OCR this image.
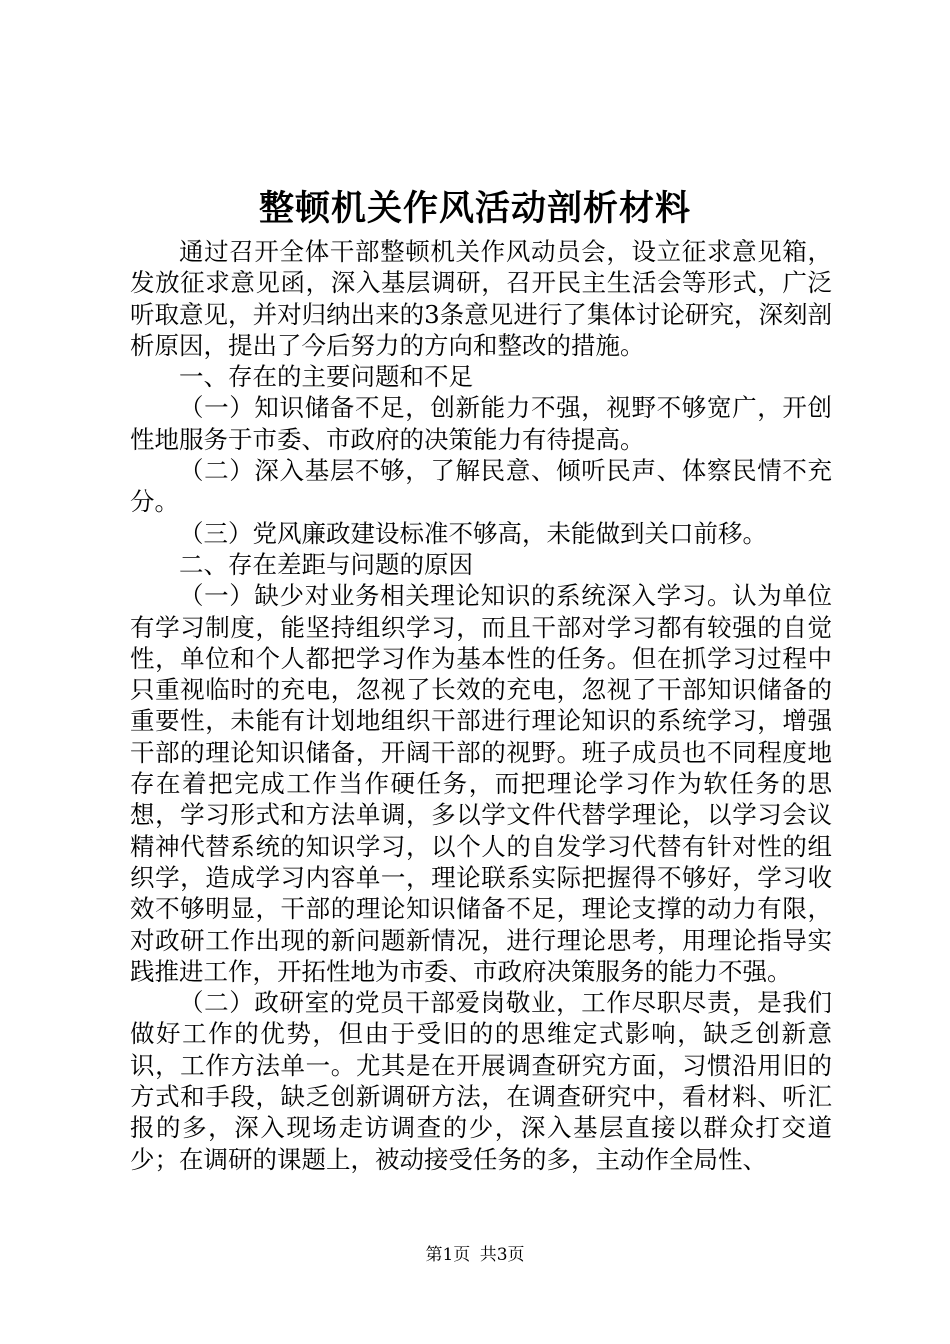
整顿机关作风活动剖析材料

通过召开全体干部整顿机关作风动员会，设立征求意见箱，发放征求意见函，深入基层调研，召开民主生活会等形式，广泛听取意见，并对归纳出来的3条意见进行了集体讨论研究，深刻剖析原因，提出了今后努力的方向和整改的措施。

一、存在的主要问题和不足

（一）知识储备不足，创新能力不强，视野不够宽广，开创性地服务于市委、市政府的决策能力有待提高。

（二）深入基层不够，了解民意、倾听民声、体察民情不充分。

（三）党风廉政建设标准不够高，未能做到关口前移。

二、存在差距与问题的原因

（一）缺少对业务相关理论知识的系统深入学习。认为单位有学习制度，能坚持组织学习，而且干部对学习都有较强的自觉性，单位和个人都把学习作为基本性的任务。但在抓学习过程中只重视临时的充电，忽视了长效的充电，忽视了干部知识储备的重要性，未能有计划地组织干部进行理论知识的系统学习，增强干部的理论知识储备，开阔干部的视野。班子成员也不同程度地存在着把完成工作当作硬任务，而把理论学习作为软任务的思想，学习形式和方法单调，多以学文件代替学理论，以学习会议精神代替系统的知识学习，以个人的自发学习代替有针对性的组织学，造成学习内容单一，理论联系实际把握得不够好，学习收效不够明显，干部的理论知识储备不足，理论支撑的动力有限，对政研工作出现的新问题新情况，进行理论思考，用理论指导实践推进工作，开拓性地为市委、市政府决策服务的能力不强。

（二）政研室的党员干部爱岗敬业，工作尽职尽责，是我们做好工作的优势，但由于受旧的的思维定式影响，缺乏创新意识，工作方法单一。尤其是在开展调查研究方面，习惯沿用旧的方式和手段，缺乏创新调研方法，在调查研究中，看材料、听汇报的多，深入现场走访调查的少，深入基层直接以群众打交道少；在调研的课题上，被动接受任务的多，主动作全局性、

第1页 共3页
